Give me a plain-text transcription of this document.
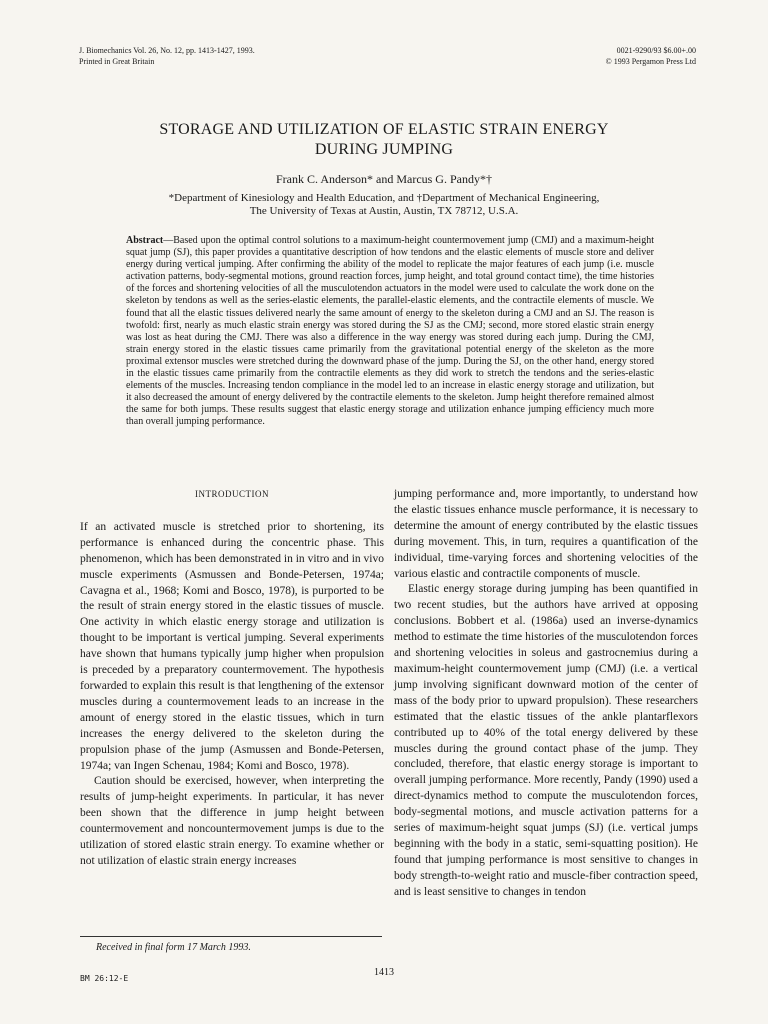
J. Biomechanics Vol. 26, No. 12, pp. 1413-1427, 1993.
Printed in Great Britain
0021-9290/93 $6.00+.00
© 1993 Pergamon Press Ltd
STORAGE AND UTILIZATION OF ELASTIC STRAIN ENERGY
DURING JUMPING
Frank C. Anderson* and Marcus G. Pandy*†
*Department of Kinesiology and Health Education, and †Department of Mechanical Engineering,
The University of Texas at Austin, Austin, TX 78712, U.S.A.
Abstract—Based upon the optimal control solutions to a maximum-height countermovement jump (CMJ) and a maximum-height squat jump (SJ), this paper provides a quantitative description of how tendons and the elastic elements of muscle store and deliver energy during vertical jumping. After confirming the ability of the model to replicate the major features of each jump (i.e. muscle activation patterns, body-segmental motions, ground reaction forces, jump height, and total ground contact time), the time histories of the forces and shortening velocities of all the musculotendon actuators in the model were used to calculate the work done on the skeleton by tendons as well as the series-elastic elements, the parallel-elastic elements, and the contractile elements of muscle. We found that all the elastic tissues delivered nearly the same amount of energy to the skeleton during a CMJ and an SJ. The reason is twofold: first, nearly as much elastic strain energy was stored during the SJ as the CMJ; second, more stored elastic strain energy was lost as heat during the CMJ. There was also a difference in the way energy was stored during each jump. During the CMJ, strain energy stored in the elastic tissues came primarily from the gravitational potential energy of the skeleton as the more proximal extensor muscles were stretched during the downward phase of the jump. During the SJ, on the other hand, energy stored in the elastic tissues came primarily from the contractile elements as they did work to stretch the tendons and the series-elastic elements of the muscles. Increasing tendon compliance in the model led to an increase in elastic energy storage and utilization, but it also decreased the amount of energy delivered by the contractile elements to the skeleton. Jump height therefore remained almost the same for both jumps. These results suggest that elastic energy storage and utilization enhance jumping efficiency much more than overall jumping performance.
INTRODUCTION

If an activated muscle is stretched prior to shortening, its performance is enhanced during the concentric phase. This phenomenon, which has been demonstrated in in vitro and in vivo muscle experiments (Asmussen and Bonde-Petersen, 1974a; Cavagna et al., 1968; Komi and Bosco, 1978), is purported to be the result of strain energy stored in the elastic tissues of muscle. One activity in which elastic energy storage and utilization is thought to be important is vertical jumping. Several experiments have shown that humans typically jump higher when propulsion is preceded by a preparatory countermovement. The hypothesis forwarded to explain this result is that lengthening of the extensor muscles during a countermovement leads to an increase in the amount of energy stored in the elastic tissues, which in turn increases the energy delivered to the skeleton during the propulsion phase of the jump (Asmussen and Bonde-Petersen, 1974a; van Ingen Schenau, 1984; Komi and Bosco, 1978).

Caution should be exercised, however, when interpreting the results of jump-height experiments. In particular, it has never been shown that the difference in jump height between countermovement and noncountermovement jumps is due to the utilization of stored elastic strain energy. To examine whether or not utilization of elastic strain energy increases

jumping performance and, more importantly, to understand how the elastic tissues enhance muscle performance, it is necessary to determine the amount of energy contributed by the elastic tissues during movement. This, in turn, requires a quantification of the individual, time-varying forces and shortening velocities of the various elastic and contractile components of muscle.

Elastic energy storage during jumping has been quantified in two recent studies, but the authors have arrived at opposing conclusions. Bobbert et al. (1986a) used an inverse-dynamics method to estimate the time histories of the musculotendon forces and shortening velocities in soleus and gastrocnemius during a maximum-height countermovement jump (CMJ) (i.e. a vertical jump involving significant downward motion of the center of mass of the body prior to upward propulsion). These researchers estimated that the elastic tissues of the ankle plantarflexors contributed up to 40% of the total energy delivered by these muscles during the ground contact phase of the jump. They concluded, therefore, that elastic energy storage is important to overall jumping performance. More recently, Pandy (1990) used a direct-dynamics method to compute the musculotendon forces, body-segmental motions, and muscle activation patterns for a series of maximum-height squat jumps (SJ) (i.e. vertical jumps beginning with the body in a static, semi-squatting position). He found that jumping performance is most sensitive to changes in body strength-to-weight ratio and muscle-fiber contraction speed, and is least sensitive to changes in tendon

Received in final form 17 March 1993.
1413
BM 26:12-E
